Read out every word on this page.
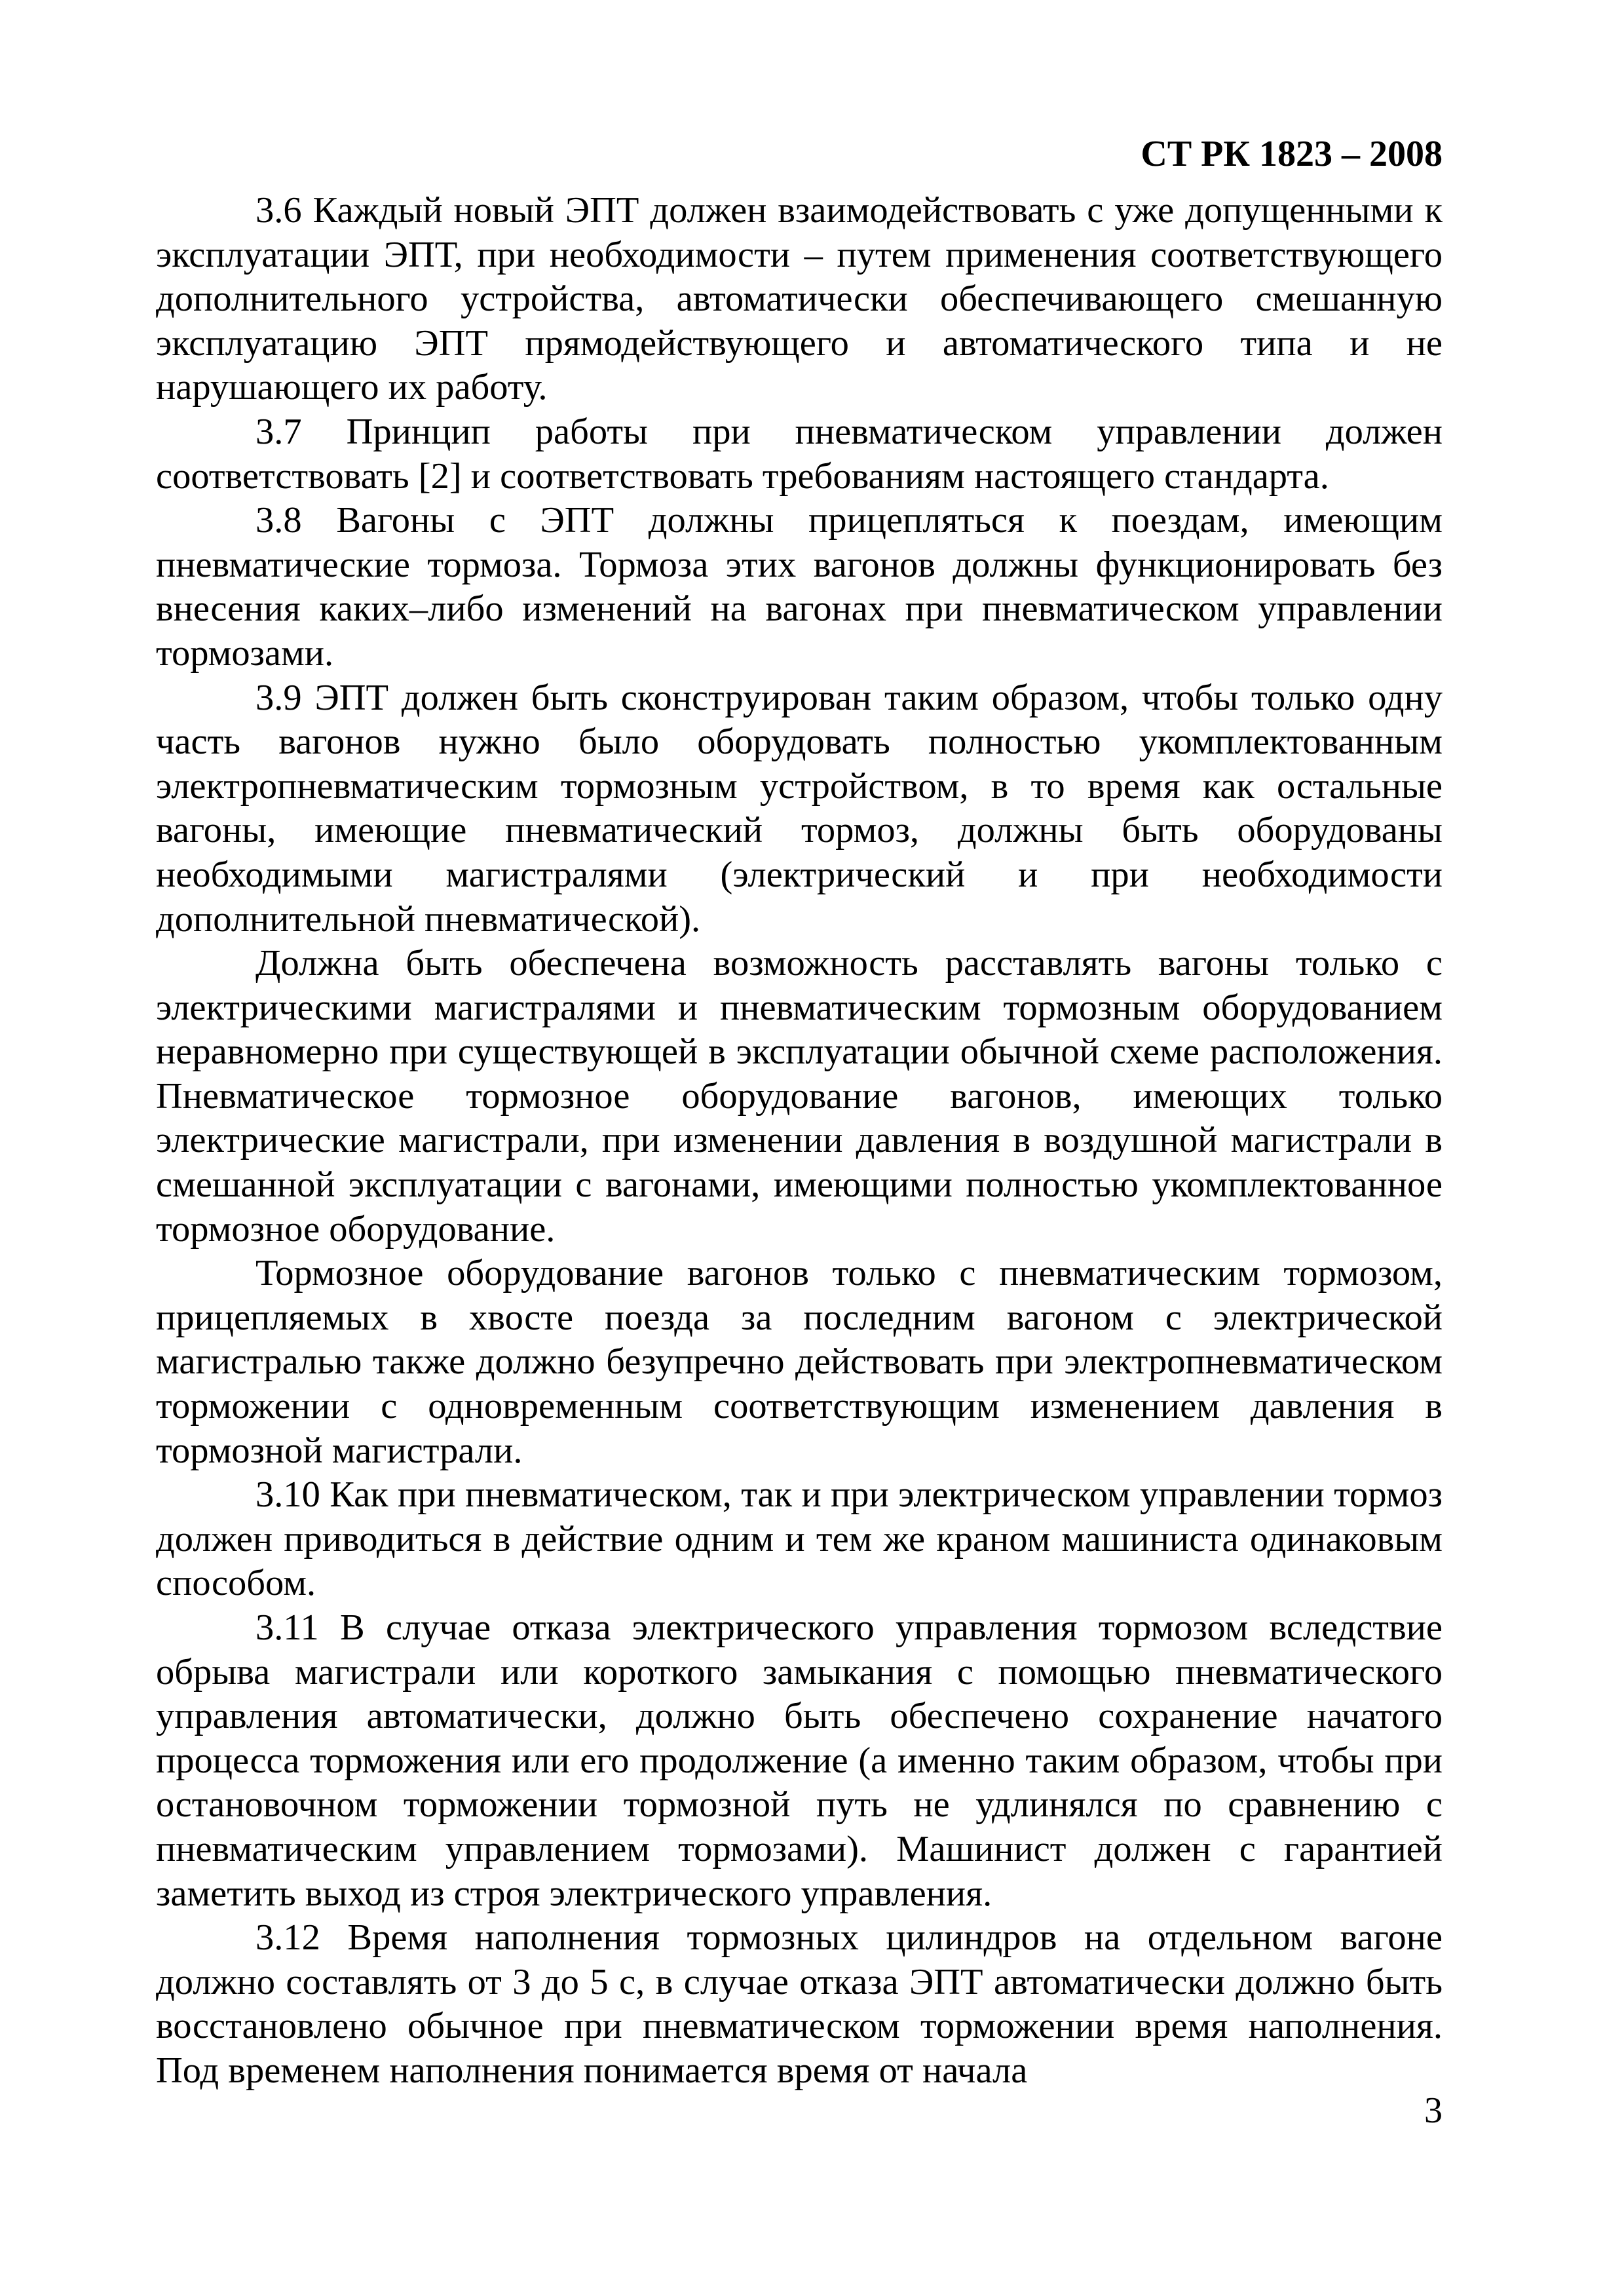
СТ РК 1823 – 2008

3.6 Каждый новый ЭПТ должен взаимодействовать с уже допущенными к эксплуатации ЭПТ, при необходимости – путем применения соответствующего дополнительного устройства, автоматически обеспечивающего смешанную эксплуатацию ЭПТ прямодействующего и автоматического типа и не нарушающего их работу.

3.7 Принцип работы при пневматическом управлении должен соответствовать [2] и соответствовать требованиям настоящего стандарта.

3.8 Вагоны с ЭПТ должны прицепляться к поездам, имеющим пневматические тормоза. Тормоза этих вагонов должны функционировать без внесения каких–либо изменений на вагонах при пневматическом управлении тормозами.

3.9 ЭПТ должен быть сконструирован таким образом, чтобы только одну часть вагонов нужно было оборудовать полностью укомплектованным электропневматическим тормозным устройством, в то время как остальные вагоны, имеющие пневматический тормоз, должны быть оборудованы необходимыми магистралями (электрический и при необходимости дополнительной пневматической).

Должна быть обеспечена возможность расставлять вагоны только с электрическими магистралями и пневматическим тормозным оборудованием неравномерно при существующей в эксплуатации обычной схеме расположения. Пневматическое тормозное оборудование вагонов, имеющих только электрические магистрали, при изменении давления в воздушной магистрали в смешанной эксплуатации с вагонами, имеющими полностью укомплектованное тормозное оборудование.

Тормозное оборудование вагонов только с пневматическим тормозом, прицепляемых в хвосте поезда за последним вагоном с электрической магистралью также должно безупречно действовать при электропневматическом торможении с одновременным соответствующим изменением давления в тормозной магистрали.

3.10 Как при пневматическом, так и при электрическом управлении тормоз должен приводиться в действие одним и тем же краном машиниста одинаковым способом.

3.11 В случае отказа электрического управления тормозом вследствие обрыва магистрали или короткого замыкания с помощью пневматического управления автоматически, должно быть обеспечено сохранение начатого процесса торможения или его продолжение (а именно таким образом, чтобы при остановочном торможении тормозной путь не удлинялся по сравнению с пневматическим управлением тормозами). Машинист должен с гарантией заметить выход из строя электрического управления.

3.12 Время наполнения тормозных цилиндров на отдельном вагоне должно составлять от 3 до 5 с, в случае отказа ЭПТ автоматически должно быть восстановлено обычное при пневматическом торможении время наполнения. Под временем наполнения понимается время от начала

3
